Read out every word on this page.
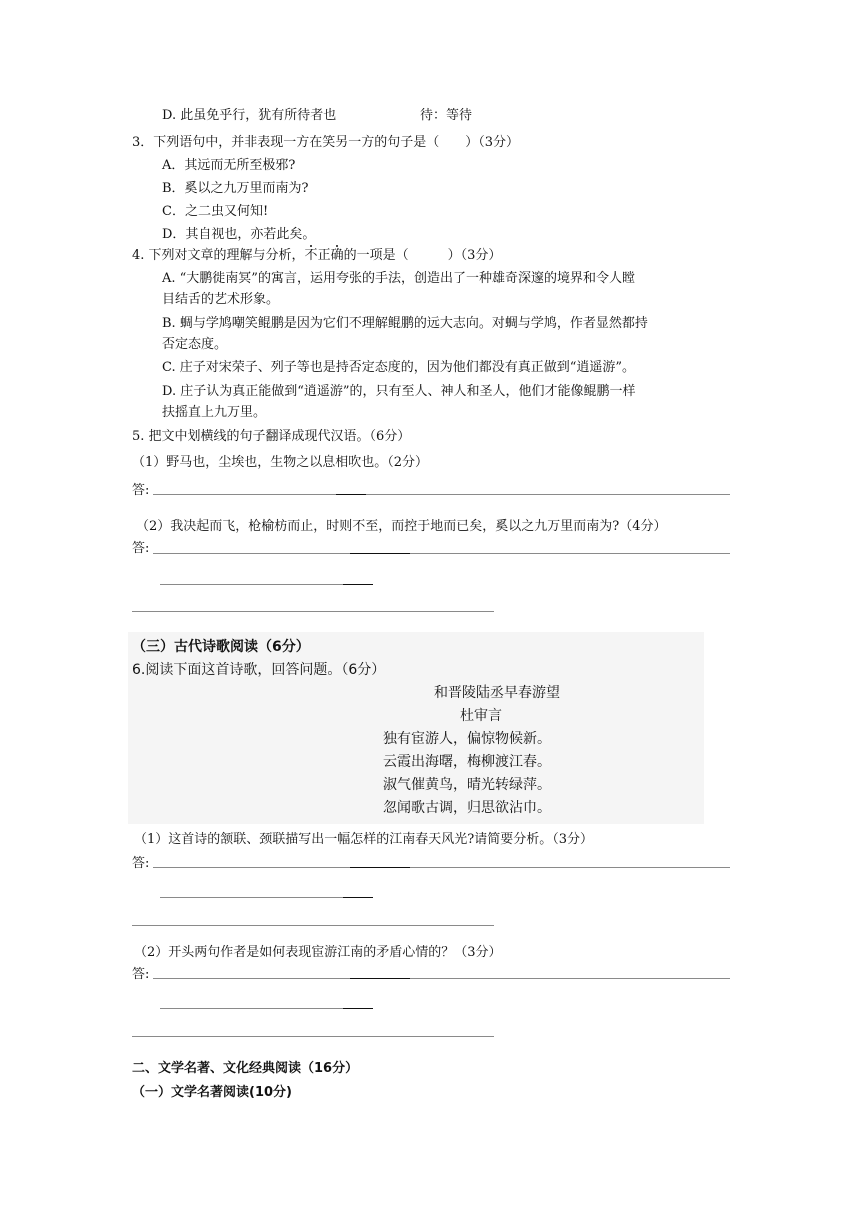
D. 此虽免乎行，犹有所待者也	待：等待
3．下列语句中，并非表现一方在笑另一方的句子是（　　）（3分）
A．其远而无所至极邪?
B．奚以之九万里而南为?
C．之二虫又何知!
D．其自视也，亦若此矣。
4. 下列对文章的理解与分析，不正确的一项是（　　　）（3分）
A. “大鹏徙南冥”的寓言，运用夸张的手法，创造出了一种雄奇深邃的境界和令人瞠
目结舌的艺术形象。
B. 蜩与学鸠嘲笑鲲鹏是因为它们不理解鲲鹏的远大志向。对蜩与学鸠，作者显然都持
否定态度。
C. 庄子对宋荣子、列子等也是持否定态度的，因为他们都没有真正做到“逍遥游”。
D. 庄子认为真正能做到“逍遥游”的，只有至人、神人和圣人，他们才能像鲲鹏一样
扶摇直上九万里。
5. 把文中划横线的句子翻译成现代汉语。（6分）
（1）野马也，尘埃也，生物之以息相吹也。（2分）
答:
（2）我决起而飞，枪榆枋而止，时则不至，而控于地而已矣，奚以之九万里而南为?（4分）
答:
（三）古代诗歌阅读（6分）
6.阅读下面这首诗歌，回答问题。（6分）
和晋陵陆丞早春游望
杜审言
独有宦游人，偏惊物候新。
云霞出海曙，梅柳渡江春。
淑气催黄鸟，晴光转绿萍。
忽闻歌古调，归思欲沾巾。
（1）这首诗的颔联、颈联描写出一幅怎样的江南春天风光?请简要分析。（3分）
答:
（2）开头两句作者是如何表现宦游江南的矛盾心情的？（3分）
答:
二、文学名著、文化经典阅读（16分）
（一）文学名著阅读(10分)
